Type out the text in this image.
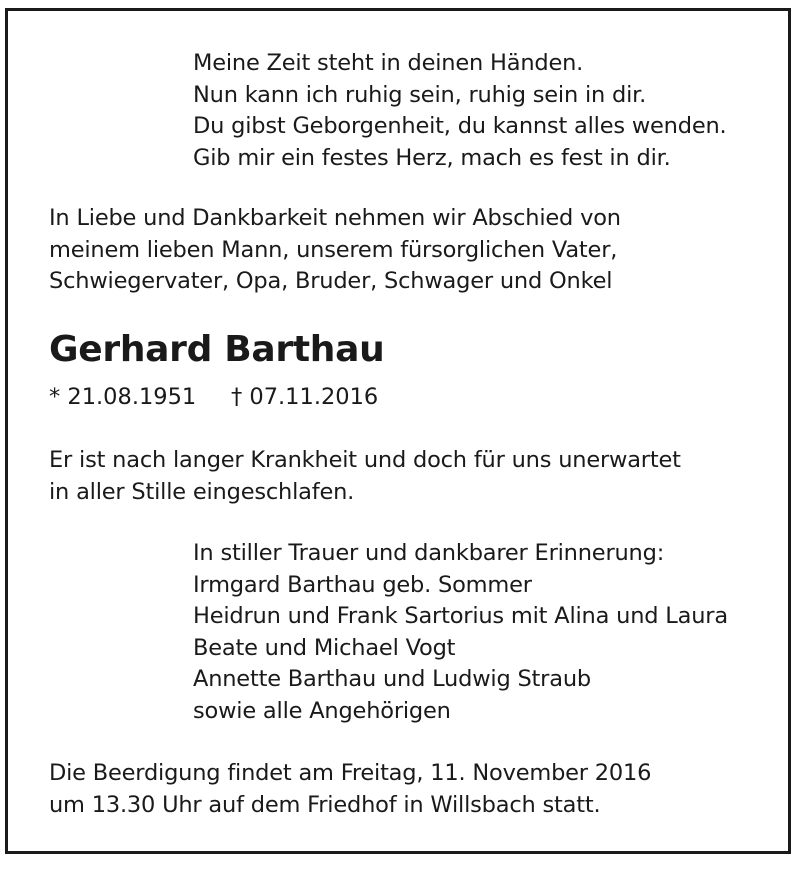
Meine Zeit steht in deinen Händen.
Nun kann ich ruhig sein, ruhig sein in dir.
Du gibst Geborgenheit, du kannst alles wenden.
Gib mir ein festes Herz, mach es fest in dir.
In Liebe und Dankbarkeit nehmen wir Abschied von
meinem lieben Mann, unserem fürsorglichen Vater,
Schwiegervater, Opa, Bruder, Schwager und Onkel
Gerhard Barthau
* 21.08.1951 † 07.11.2016
Er ist nach langer Krankheit und doch für uns unerwartet
in aller Stille eingeschlafen.
In stiller Trauer und dankbarer Erinnerung:
Irmgard Barthau geb. Sommer
Heidrun und Frank Sartorius mit Alina und Laura
Beate und Michael Vogt
Annette Barthau und Ludwig Straub
sowie alle Angehörigen
Die Beerdigung findet am Freitag, 11. November 2016
um 13.30 Uhr auf dem Friedhof in Willsbach statt.
